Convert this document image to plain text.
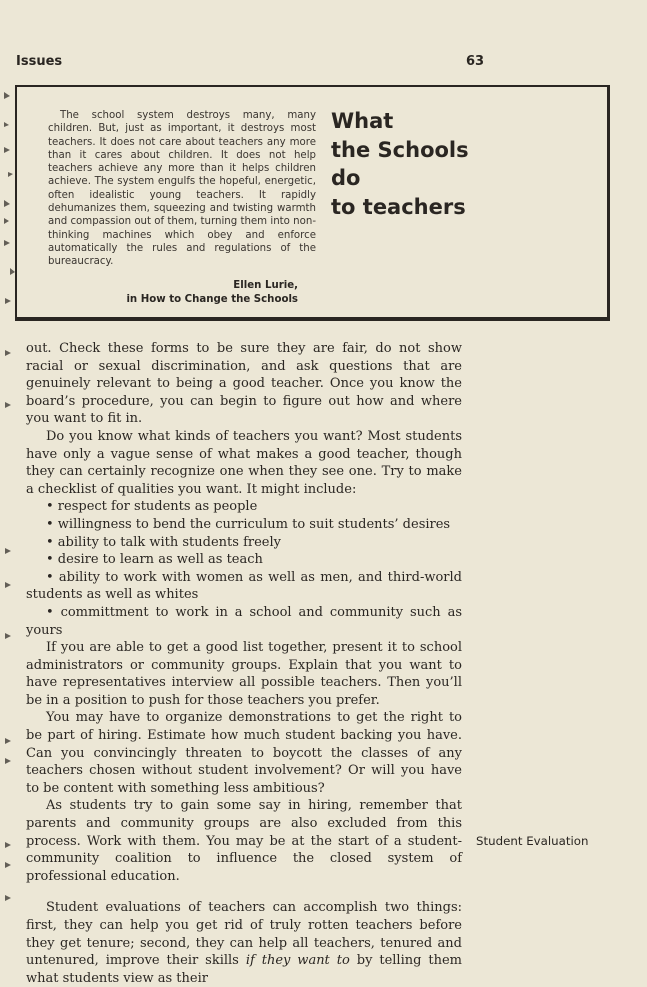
Issues	63

The school system destroys many, many children. But, just as important, it destroys most teachers. It does not care about teachers any more than it cares about children. It does not help teachers achieve any more than it helps children achieve. The system engulfs the hopeful, energetic, often idealistic young teachers. It rapidly dehumanizes them, squeezing and twisting warmth and compassion out of them, turning them into non-thinking machines which obey and enforce automatically the rules and regulations of the bureaucracy.

Ellen Lurie,
in How to Change the Schools
What
the Schools
do
to teachers

out. Check these forms to be sure they are fair, do not show racial or sexual discrimination, and ask questions that are genuinely relevant to being a good teacher. Once you know the board’s procedure, you can begin to figure out how and where you want to fit in.

Do you know what kinds of teachers you want? Most students have only a vague sense of what makes a good teacher, though they can certainly recognize one when they see one. Try to make a checklist of qualities you want. It might include:

• respect for students as people

• willingness to bend the curriculum to suit students’ desires

• ability to talk with students freely

• desire to learn as well as teach

• ability to work with women as well as men, and third-world students as well as whites

• committment to work in a school and community such as yours

If you are able to get a good list together, present it to school administrators or community groups. Explain that you want to have representatives interview all possible teachers. Then you’ll be in a position to push for those teachers you prefer.

You may have to organize demonstrations to get the right to be part of hiring. Estimate how much student backing you have. Can you convincingly threaten to boycott the classes of any teachers chosen without student involvement? Or will you have to be content with something less ambitious?

As students try to gain some say in hiring, remember that parents and community groups are also excluded from this process. Work with them. You may be at the start of a student-community coalition to influence the closed system of professional education.

Student evaluations of teachers can accomplish two things: first, they can help you get rid of truly rotten teachers before they get tenure; second, they can help all teachers, tenured and untenured, improve their skills if they want to by telling them what students view as their

Student Evaluation
